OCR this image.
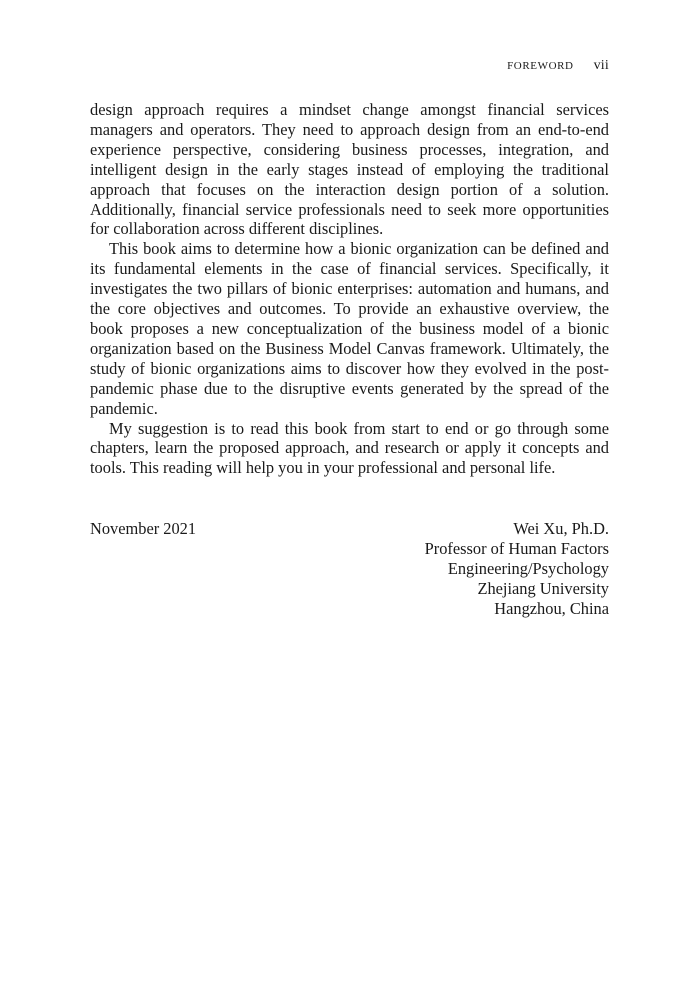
FOREWORD vii

design approach requires a mindset change amongst financial services managers and operators. They need to approach design from an end-to-end experience perspective, considering business processes, integration, and intelligent design in the early stages instead of employing the traditional approach that focuses on the interaction design portion of a solution. Additionally, financial service professionals need to seek more opportunities for collaboration across different disciplines.

This book aims to determine how a bionic organization can be defined and its fundamental elements in the case of financial services. Specifically, it investigates the two pillars of bionic enterprises: automation and humans, and the core objectives and outcomes. To provide an exhaustive overview, the book proposes a new conceptualization of the business model of a bionic organization based on the Business Model Canvas framework. Ultimately, the study of bionic organizations aims to discover how they evolved in the post-pandemic phase due to the disruptive events generated by the spread of the pandemic.

My suggestion is to read this book from start to end or go through some chapters, learn the proposed approach, and research or apply it concepts and tools. This reading will help you in your professional and personal life.

November 2021	Wei Xu, Ph.D.
Professor of Human Factors
Engineering/Psychology
Zhejiang University
Hangzhou, China
